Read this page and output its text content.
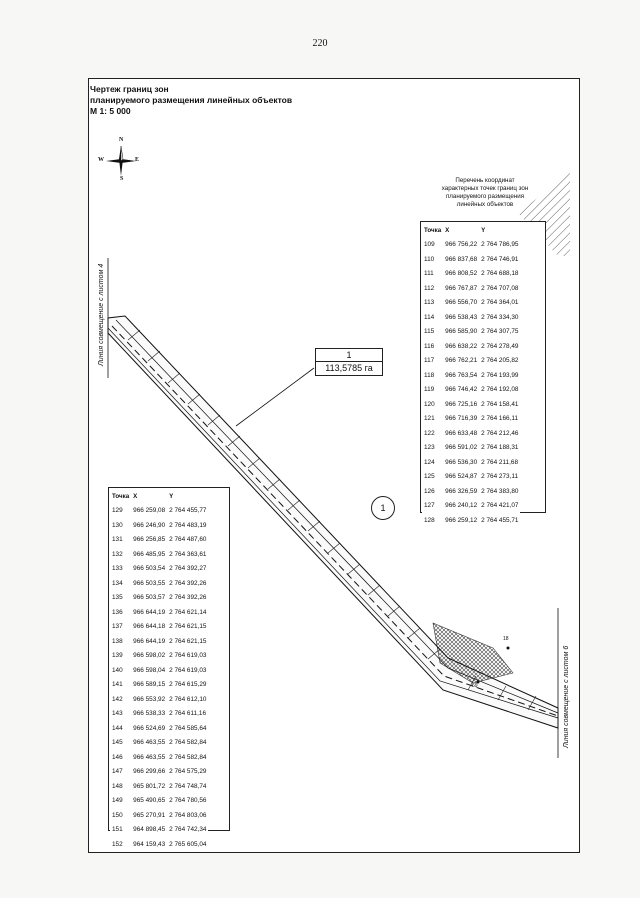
220
Чертеж границ зон
планируемого размещения линейных объектов
М 1: 5 000
N
S
W	E
Линия совмещение с листом 4
Линия совмещение с листом 6
1
113,5785 га
1
18
69
Перечень координат
характерных точек границ зон
планируемого размещения
линейных объектов
Точка	X	Y
109	966 756,22	2 764 786,95
110	966 837,68	2 764 746,91
111	966 808,52	2 764 688,18
112	966 767,87	2 764 707,08
113	966 556,70	2 764 364,01
114	966 538,43	2 764 334,30
115	966 585,90	2 764 307,75
116	966 638,22	2 764 278,49
117	966 762,21	2 764 205,82
118	966 763,54	2 764 193,99
119	966 746,42	2 764 192,08
120	966 725,16	2 764 158,41
121	966 716,39	2 764 166,11
122	966 633,48	2 764 212,46
123	966 591,02	2 764 188,31
124	966 536,30	2 764 211,68
125	966 524,87	2 764 273,11
126	966 326,59	2 764 383,80
127	966 240,12	2 764 421,07
128	966 259,12	2 764 455,71
Точка	X	Y
129	966 259,08	2 764 455,77
130	966 246,90	2 764 483,19
131	966 256,85	2 764 487,60
132	966 485,95	2 764 363,61
133	966 503,54	2 764 392,27
134	966 503,55	2 764 392,26
135	966 503,57	2 764 392,26
136	966 644,19	2 764 621,14
137	966 644,18	2 764 621,15
138	966 644,19	2 764 621,15
139	966 598,02	2 764 619,03
140	966 598,04	2 764 619,03
141	966 589,15	2 764 615,29
142	966 553,92	2 764 612,10
143	966 538,33	2 764 611,16
144	966 524,69	2 764 585,64
145	966 463,55	2 764 582,84
146	966 463,55	2 764 582,84
147	966 299,66	2 764 575,29
148	965 801,72	2 764 748,74
149	965 490,65	2 764 780,56
150	965 270,91	2 764 803,06
151	964 898,45	2 764 742,34
152	964 159,43	2 765 605,04
